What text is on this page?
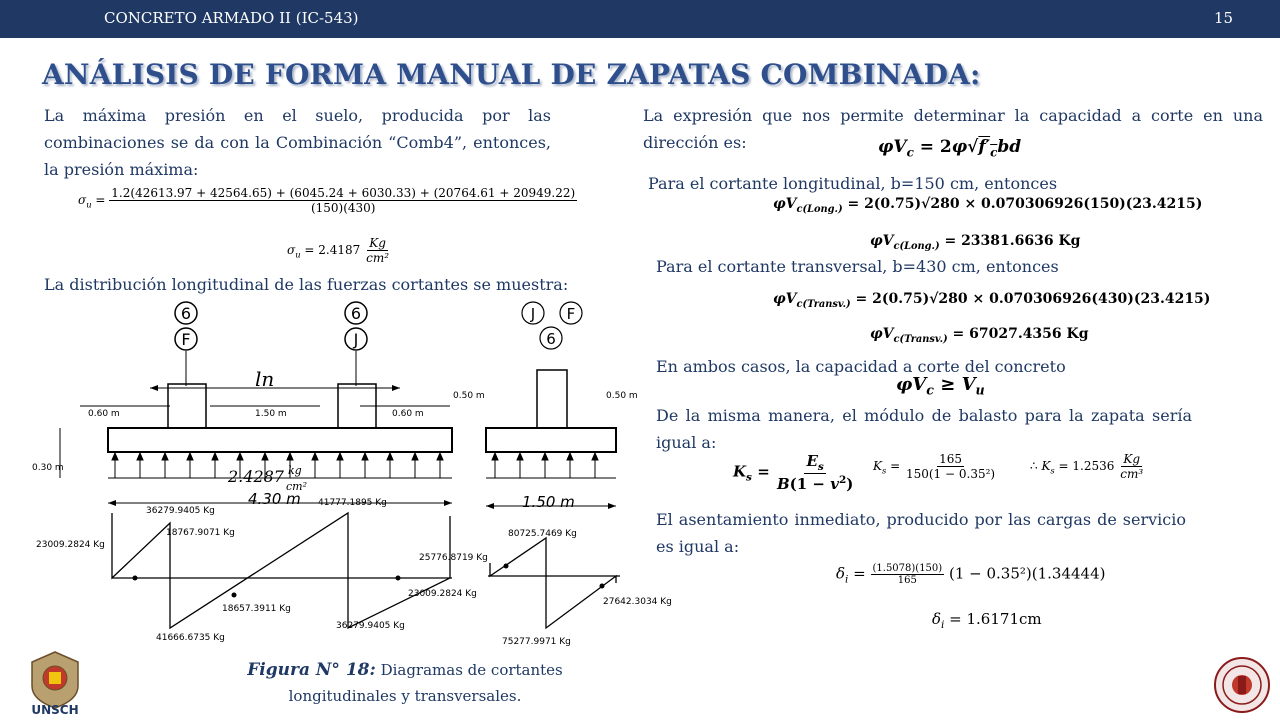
CONCRETO ARMADO II (IC-543)	15
ANÁLISIS DE FORMA MANUAL DE ZAPATAS COMBINADA:
La máxima presión en el suelo, producida por las combinaciones se da con la Combinación “Comb4”, entonces, la presión máxima:
$\sigma_u = 1.2(42613.97 + 42564.65) + (6045.24 + 6030.33) + (20764.61 + 20949.22)$
(150)(430)
$\sigma_u = 2.4187 \frac{Kg}{\text{cm²}}$
La distribución longitudinal de las fuerzas cortantes se muestra:
6
F
6
J
J F
6
ln
0.60 m	1.50 m	0.60 m
0.30 m	2.4287 kg
cm²
4.30 m
0.50 m	0.50 m
1.50 m
23009.2824 Kg
36279.9405 Kg
18767.9071 Kg
41777.1895 Kg
18657.3911 Kg
23009.2824 Kg
41666.6735 Kg
36279.9405 Kg
80725.7469 Kg
25776.8719 Kg
27642.3034 Kg
75277.9971 Kg
Figura N° 18: Diagramas de cortantes longitudinales y transversales.
La expresión que nos permite determinar la capacidad a corte en una dirección es:	$\varphi V_c = 2\varphi√f'_cbd$
Para el cortante longitudinal, b=150 cm, entonces
$\varphi V_{c(Long.)} = 2(0.75)√280 \times 0.070306926(150)(23.4215)$
$\varphi V_{c(Long.)} = 23381.6636$ Kg
Para el cortante transversal, b=430 cm, entonces
$\varphi V_{c(Transv.)} = 2(0.75)√280 \times 0.070306926(430)(23.4215)$
$\varphi V_{c(Transv.)} = 67027.4356$ Kg
En ambos casos, la capacidad a corte del concreto
$\varphi V_c \ge V_u$
De la misma manera, el módulo de balasto para la zapata sería igual a:
$K_s = \frac{E_s}{B(1 - v^2)} K_s = \frac{165}{\text{150(1 − 0.35²)}}$	∴ $K_s = 1.2536 \frac{Kg}{\text{cm³}}$
El asentamiento inmediato, producido por las cargas de servicio es igual a:
$\delta_i = \frac{(1.5078)(150)}{165} (1 - 0.35^2)(1.34444)$
$\delta_i = 1.6171cm$
UNSCH
